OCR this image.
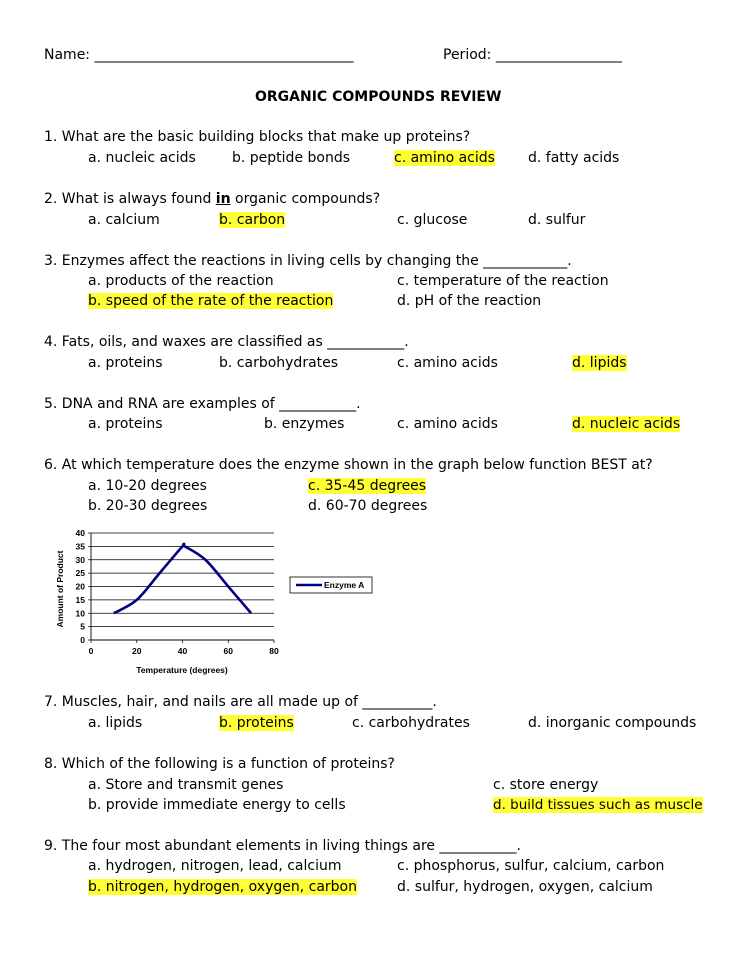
Name: _____________________________________	Period: __________________
ORGANIC COMPOUNDS REVIEW
1. What are the basic building blocks that make up proteins?
a. nucleic acids	b. peptide bonds	c. amino acids d. fatty acids
2. What is always found in organic compounds?
a. calcium	b. carbon	c. glucose	d. sulfur
3. Enzymes affect the reactions in living cells by changing the ____________.
a. products of the reaction
b. speed of the rate of the reaction
c. temperature of the reaction
d. pH of the reaction
4. Fats, oils, and waxes are classified as ___________.
a. proteins	b. carbohydrates	c. amino acids	d. lipids
5. DNA and RNA are examples of ___________.
a. proteins	b. enzymes	c. amino acids	d. nucleic acids
6. At which temperature does the enzyme shown in the graph below function BEST at?
a. 10-20 degrees
b. 20-30 degrees
c. 35-45 degrees
d. 60-70 degrees
0
5
10
15
20
25
30
35
40
0	20	40	60	80
Amount of Product
Temperature (degrees)
Enzyme A
7. Muscles, hair, and nails are all made up of __________.
a. lipids	b. proteins	c. carbohydrates	d. inorganic compounds
8. Which of the following is a function of proteins?
a. Store and transmit genes
b. provide immediate energy to cells
c. store energy
d. build tissues such as muscle
9. The four most abundant elements in living things are ___________.
a. hydrogen, nitrogen, lead, calcium
b. nitrogen, hydrogen, oxygen, carbon
c. phosphorus, sulfur, calcium, carbon
d. sulfur, hydrogen, oxygen, calcium
